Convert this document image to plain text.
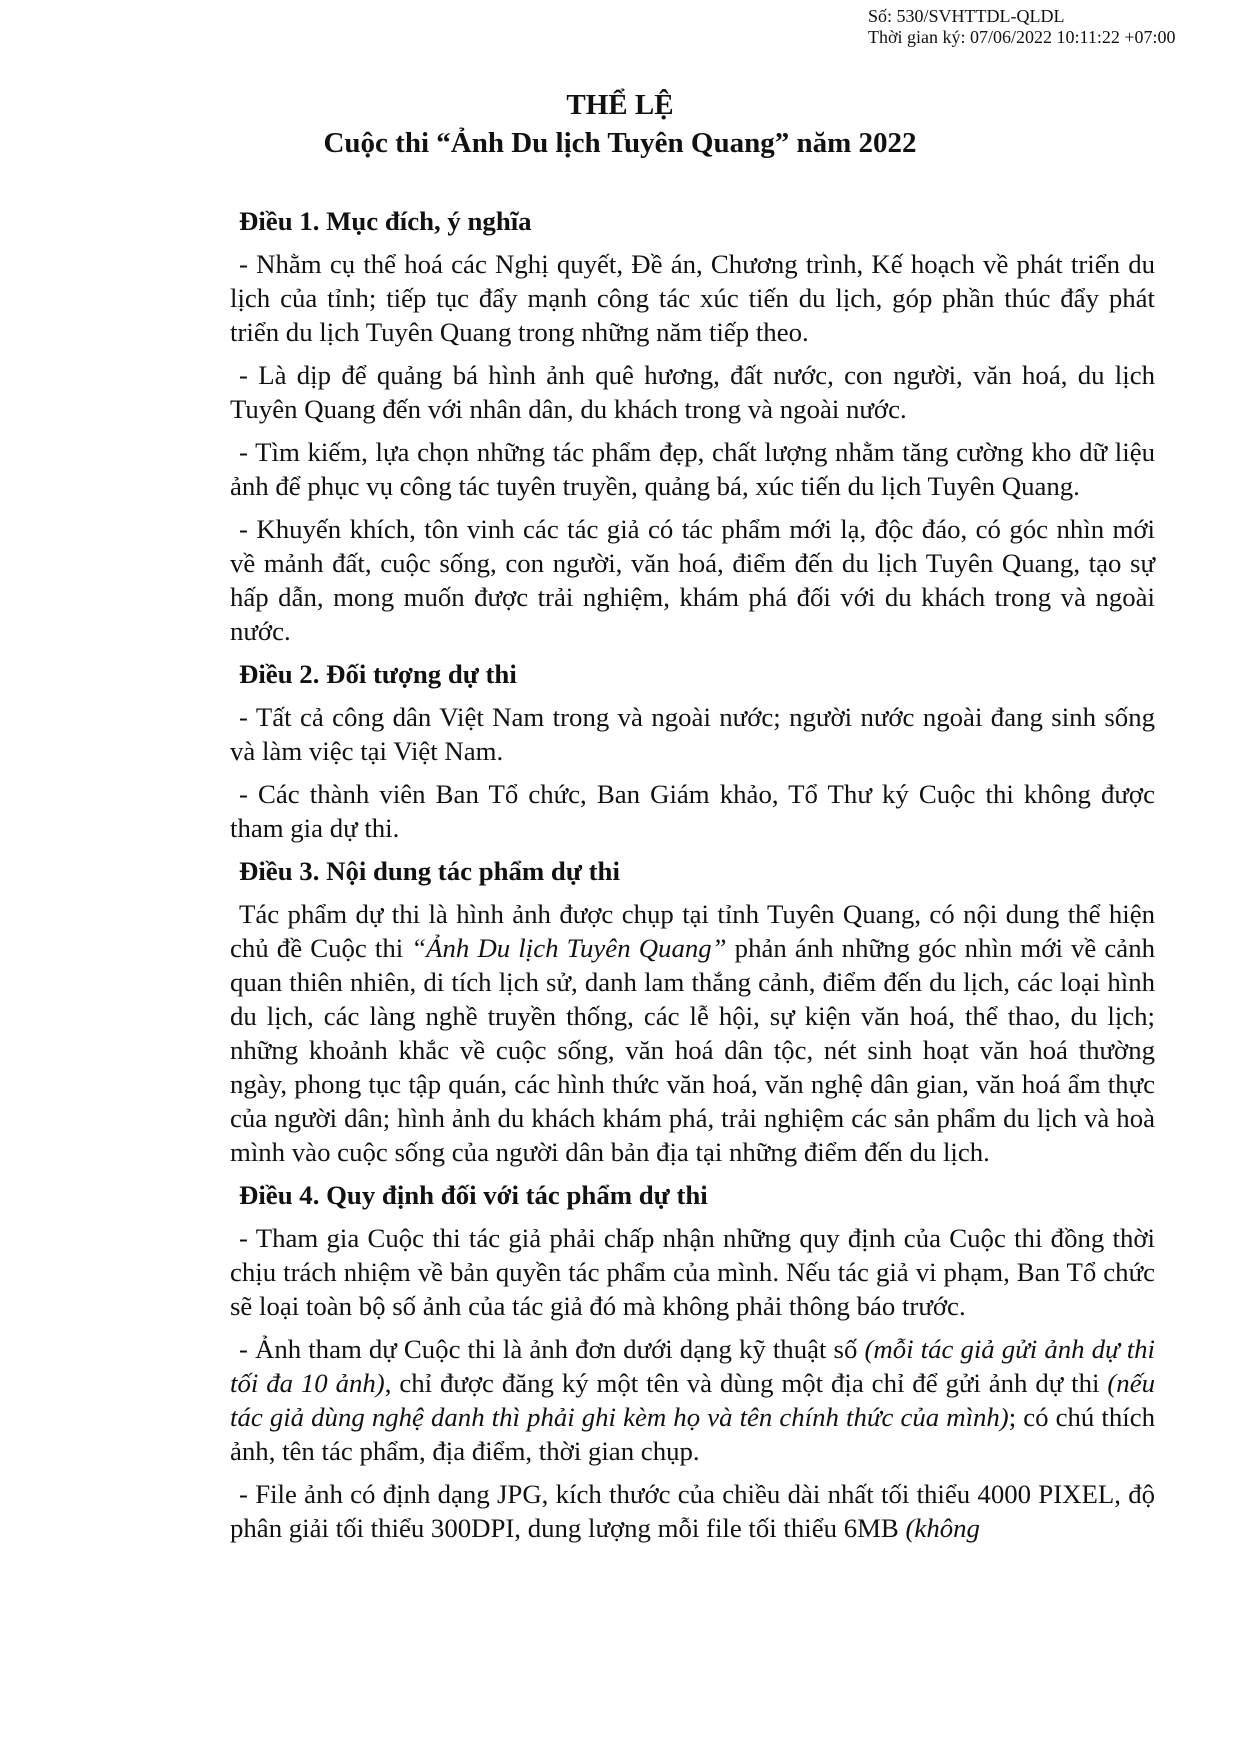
Số: 530/SVHTTDL-QLDL
Thời gian ký: 07/06/2022 10:11:22 +07:00
THỂ LỆ
Cuộc thi “Ảnh Du lịch Tuyên Quang” năm 2022
Điều 1. Mục đích, ý nghĩa
- Nhằm cụ thể hoá các Nghị quyết, Đề án, Chương trình, Kế hoạch về phát triển du lịch của tỉnh; tiếp tục đẩy mạnh công tác xúc tiến du lịch, góp phần thúc đẩy phát triển du lịch Tuyên Quang trong những năm tiếp theo.
- Là dịp để quảng bá hình ảnh quê hương, đất nước, con người, văn hoá, du lịch Tuyên Quang đến với nhân dân, du khách trong và ngoài nước.
- Tìm kiếm, lựa chọn những tác phẩm đẹp, chất lượng nhằm tăng cường kho dữ liệu ảnh để phục vụ công tác tuyên truyền, quảng bá, xúc tiến du lịch Tuyên Quang.
- Khuyến khích, tôn vinh các tác giả có tác phẩm mới lạ, độc đáo, có góc nhìn mới về mảnh đất, cuộc sống, con người, văn hoá, điểm đến du lịch Tuyên Quang, tạo sự hấp dẫn, mong muốn được trải nghiệm, khám phá đối với du khách trong và ngoài nước.
Điều 2. Đối tượng dự thi
- Tất cả công dân Việt Nam trong và ngoài nước; người nước ngoài đang sinh sống và làm việc tại Việt Nam.
- Các thành viên Ban Tổ chức, Ban Giám khảo, Tổ Thư ký Cuộc thi không được tham gia dự thi.
Điều 3. Nội dung tác phẩm dự thi
Tác phẩm dự thi là hình ảnh được chụp tại tỉnh Tuyên Quang, có nội dung thể hiện chủ đề Cuộc thi “Ảnh Du lịch Tuyên Quang” phản ánh những góc nhìn mới về cảnh quan thiên nhiên, di tích lịch sử, danh lam thắng cảnh, điểm đến du lịch, các loại hình du lịch, các làng nghề truyền thống, các lễ hội, sự kiện văn hoá, thể thao, du lịch; những khoảnh khắc về cuộc sống, văn hoá dân tộc, nét sinh hoạt văn hoá thường ngày, phong tục tập quán, các hình thức văn hoá, văn nghệ dân gian, văn hoá ẩm thực của người dân; hình ảnh du khách khám phá, trải nghiệm các sản phẩm du lịch và hoà mình vào cuộc sống của người dân bản địa tại những điểm đến du lịch.
Điều 4. Quy định đối với tác phẩm dự thi
- Tham gia Cuộc thi tác giả phải chấp nhận những quy định của Cuộc thi đồng thời chịu trách nhiệm về bản quyền tác phẩm của mình. Nếu tác giả vi phạm, Ban Tổ chức sẽ loại toàn bộ số ảnh của tác giả đó mà không phải thông báo trước.
- Ảnh tham dự Cuộc thi là ảnh đơn dưới dạng kỹ thuật số (mỗi tác giả gửi ảnh dự thi tối đa 10 ảnh), chỉ được đăng ký một tên và dùng một địa chỉ để gửi ảnh dự thi (nếu tác giả dùng nghệ danh thì phải ghi kèm họ và tên chính thức của mình); có chú thích ảnh, tên tác phẩm, địa điểm, thời gian chụp.
- File ảnh có định dạng JPG, kích thước của chiều dài nhất tối thiểu 4000 PIXEL, độ phân giải tối thiểu 300DPI, dung lượng mỗi file tối thiểu 6MB (không
